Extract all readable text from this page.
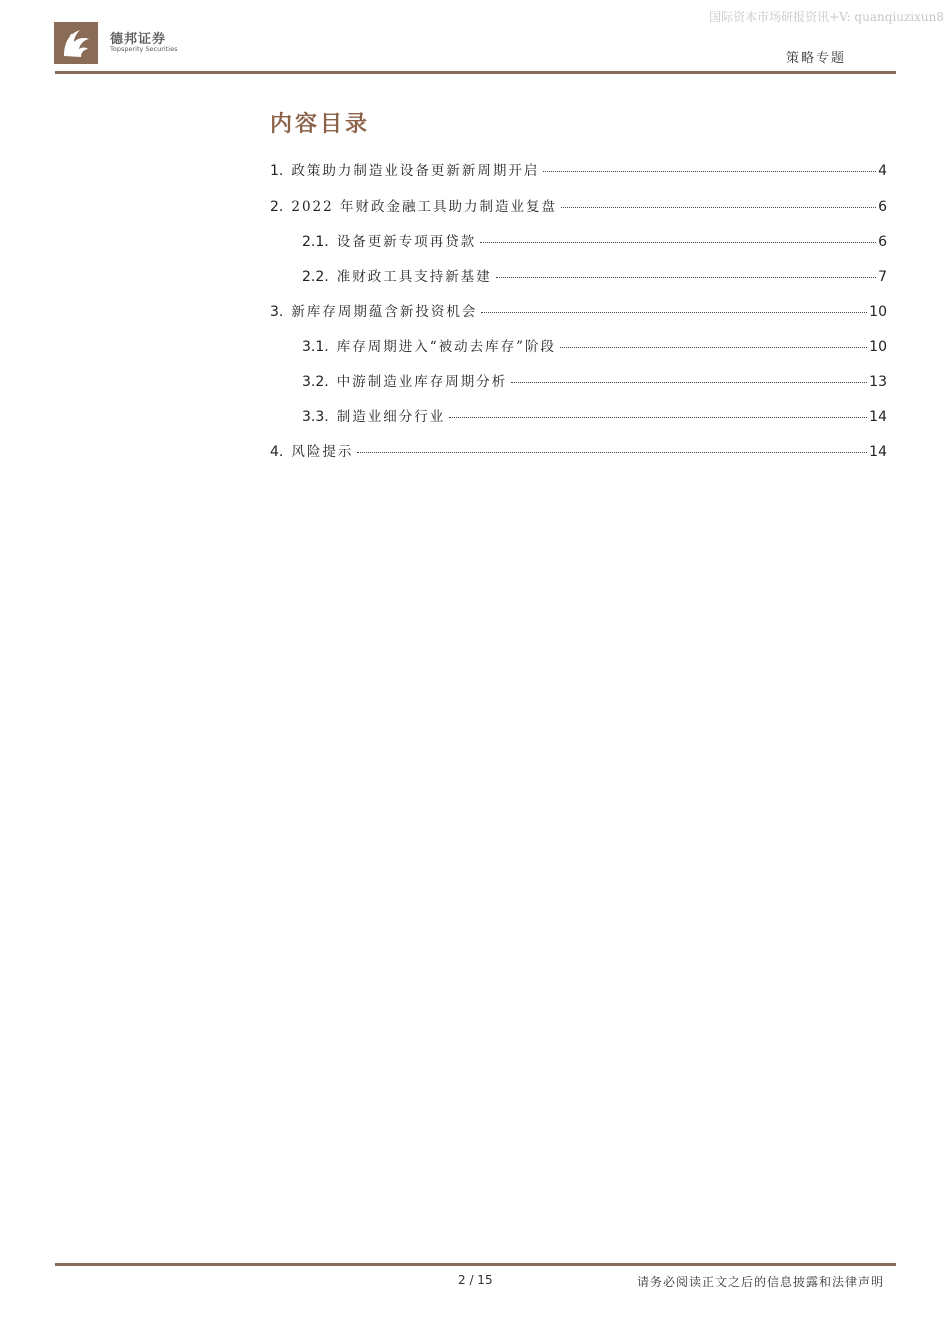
国际资本市场研报资讯+V: quanqiuzixun8
德邦证券
Topsperity Securities
策略专题
内容目录
1. 政策助力制造业设备更新新周期开启	4
2. 2022 年财政金融工具助力制造业复盘	6
2.1. 设备更新专项再贷款	6
2.2. 准财政工具支持新基建	7
3. 新库存周期蕴含新投资机会	10
3.1. 库存周期进入“被动去库存”阶段	10
3.2. 中游制造业库存周期分析	13
3.3. 制造业细分行业	14
4. 风险提示	14
2 / 15	请务必阅读正文之后的信息披露和法律声明
